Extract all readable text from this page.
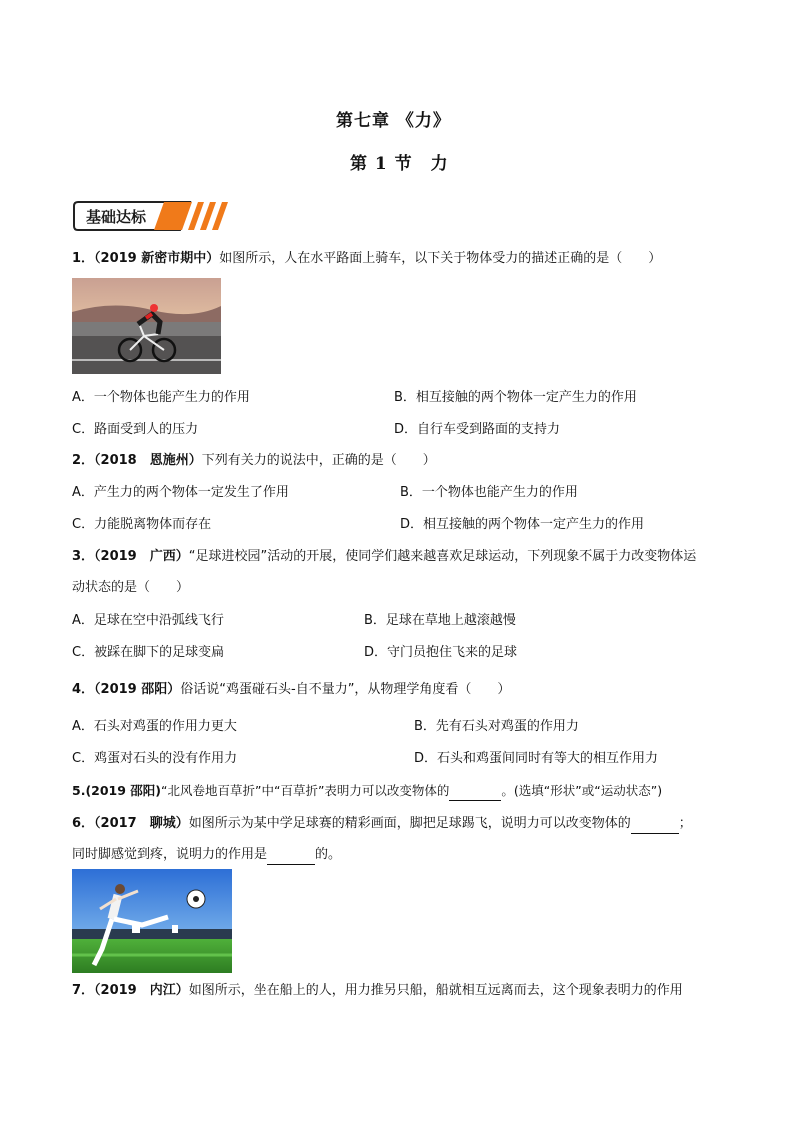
第七章 《力》
第 1 节　力
基础达标
1．（2019 新密市期中）如图所示，人在水平路面上骑车，以下关于物体受力的描述正确的是（　　）
A．一个物体也能产生力的作用	B．相互接触的两个物体一定产生力的作用
C．路面受到人的压力	D．自行车受到路面的支持力
2．（2018　恩施州）下列有关力的说法中，正确的是（　　）
A．产生力的两个物体一定发生了作用	B．一个物体也能产生力的作用
C．力能脱离物体而存在	D．相互接触的两个物体一定产生力的作用
3．（2019　广西）“足球进校园”活动的开展，使同学们越来越喜欢足球运动，下列现象不属于力改变物体运
动状态的是（　　）
A．足球在空中沿弧线飞行	B．足球在草地上越滚越慢
C．被踩在脚下的足球变扁	D．守门员抱住飞来的足球
4．（2019 邵阳）俗话说“鸡蛋碰石头-自不量力”，从物理学角度看（　　）
A．石头对鸡蛋的作用力更大	B．先有石头对鸡蛋的作用力
C．鸡蛋对石头的没有作用力	D．石头和鸡蛋间同时有等大的相互作用力
5.(2019 邵阳)“北风卷地百草折”中“百草折”表明力可以改变物体的	。(选填“形状”或“运动状态”)
6．（2017　聊城）如图所示为某中学足球赛的精彩画面，脚把足球踢飞，说明力可以改变物体的	；
同时脚感觉到疼，说明力的作用是	的。
7．（2019　内江）如图所示，坐在船上的人，用力推另只船，船就相互远离而去，这个现象表明力的作用
